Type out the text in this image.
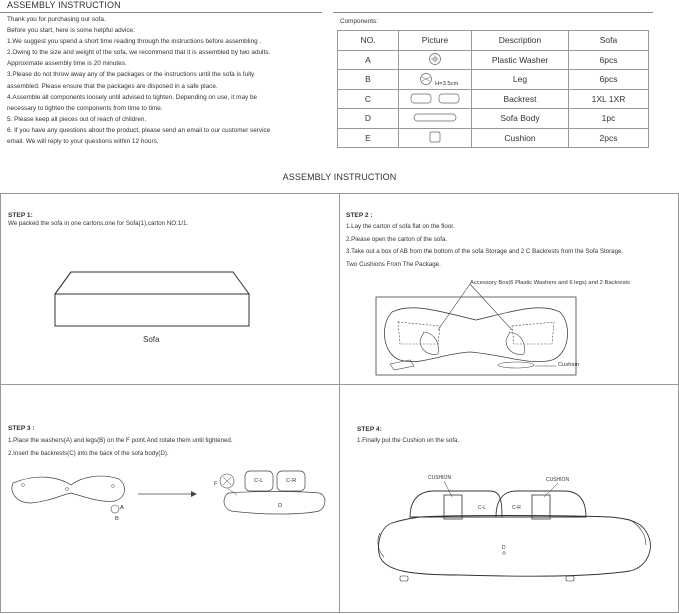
ASSEMBLY INSTRUCTION
Thank you for purchasing our sofa.
Before you start, here is some helpful advice:
1.We suggest you spend a short time reading through the instructions before assembling .
2.Owing to the size and weight of the sofa, we recommend that it is assembled by two adults.
Approximate assembly time is 20 minutes.
3.Please do not throw away any of the packages or the instructions until the sofa is fully
assembled. Please ensure that the packages are disposed in a safe place.
4.Assemble all components loosely until advised to tighten. Depending on use, it may be
necessary to tighten the components from time to time.
5. Please keep all pieces out of reach of children.
6. If you have any questions about the product, please send an email to our customer service
email. We will reply to your questions within 12 hours.
Components:
NO.	Picture	Description	Sofa
A		Plastic Washer	6pcs
B	H=3.5cm	Leg	6pcs
C		Backrest	1XL 1XR
D		Sofa Body	1pc
E		Cushion	2pcs
ASSEMBLY INSTRUCTION
STEP 1:
We packed the sofa in one cartons,one for Sofa(1),carton NO:1/1.
Sofa
STEP 2 :
1.Lay the carton of sofa flat on the floor.
2.Please open the carton of the sofa.
3.Take out a box of AB from the bottom of the sofa Storage and 2 C Backrests from the Sofa Storage.
Two Cushions From The Package.
Accessory Box(6 Plastic Washers and 6 legs) and 2 Backrests
Cushion
STEP 3 :
1.Place the washers(A) and legs(B) on the F point.And rotate them until tightened.
2.Insert the backrests(C) into the back of the sofa body(D).
C-L	C-R
D
F
A
B
STEP 4:
1.Finally put the Cushion on the sofa.
CUSHION	CUSHION
C-L	C-R
D
